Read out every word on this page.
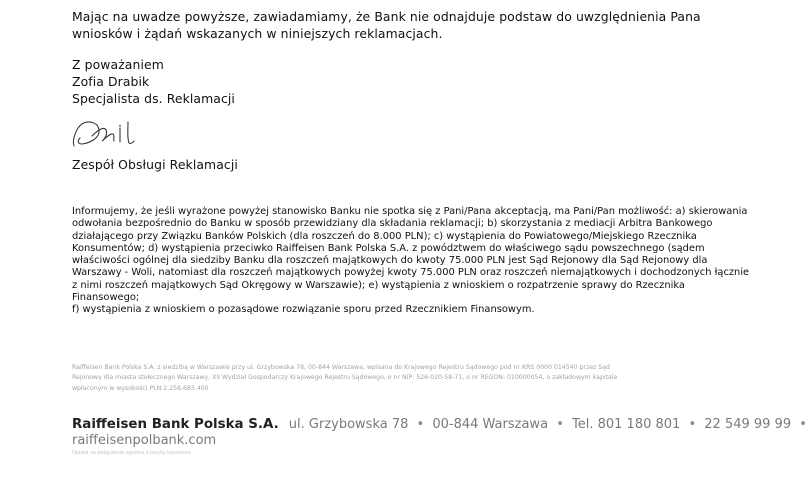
Mając na uwadze powyższe, zawiadamiamy, że Bank nie odnajduje podstaw do uwzględnienia Pana
wniosków i żądań wskazanych w niniejszych reklamacjach.
Z poważaniem
Zofia Drabik
Specjalista ds. Reklamacji
Zespół Obsługi Reklamacji
Informujemy, że jeśli wyrażone powyżej stanowisko Banku nie spotka się z Pani/Pana akceptacją, ma Pani/Pan możliwość: a) skierowania
odwołania bezpośrednio do Banku w sposób przewidziany dla składania reklamacji; b) skorzystania z mediacji Arbitra Bankowego
działającego przy Związku Banków Polskich (dla roszczeń do 8.000 PLN); c) wystąpienia do Powiatowego/Miejskiego Rzecznika
Konsumentów; d) wystąpienia przeciwko Raiffeisen Bank Polska S.A. z powództwem do właściwego sądu powszechnego (sądem
właściwości ogólnej dla siedziby Banku dla roszczeń majątkowych do kwoty 75.000 PLN jest Sąd Rejonowy dla Sąd Rejonowy dla
Warszawy - Woli, natomiast dla roszczeń majątkowych powyżej kwoty 75.000 PLN oraz roszczeń niemajątkowych i dochodzonych łącznie
z nimi roszczeń majątkowych Sąd Okręgowy w Warszawie); e) wystąpienia z wnioskiem o rozpatrzenie sprawy do Rzecznika Finansowego;
f) wystąpienia z wnioskiem o pozasądowe rozwiązanie sporu przed Rzecznikiem Finansowym.
Raiffeisen Bank Polska S.A. z siedzibą w Warszawie przy ul. Grzybowska 78, 00-844 Warszawa, wpisana do Krajowego Rejestru Sądowego pod nr KRS 0000 014540 przez Sąd
Rejonowy dla miasta stołecznego Warszawy, XII Wydział Gospodarczy Krajowego Rejestru Sądowego, o nr NIP: 526-020-58-71, o nr REGON: 010000054, o zakładowym kapitale
wpłaconym w wysokości PLN 2.256.683.400
Raiffeisen Bank Polska S.A. ul. Grzybowska 78 • 00-844 Warszawa • Tel. 801 180 801 • 22 549 99 99 •
raiffeisenpolbank.com
Opłata za połączenie zgodna z taryfą operatora
